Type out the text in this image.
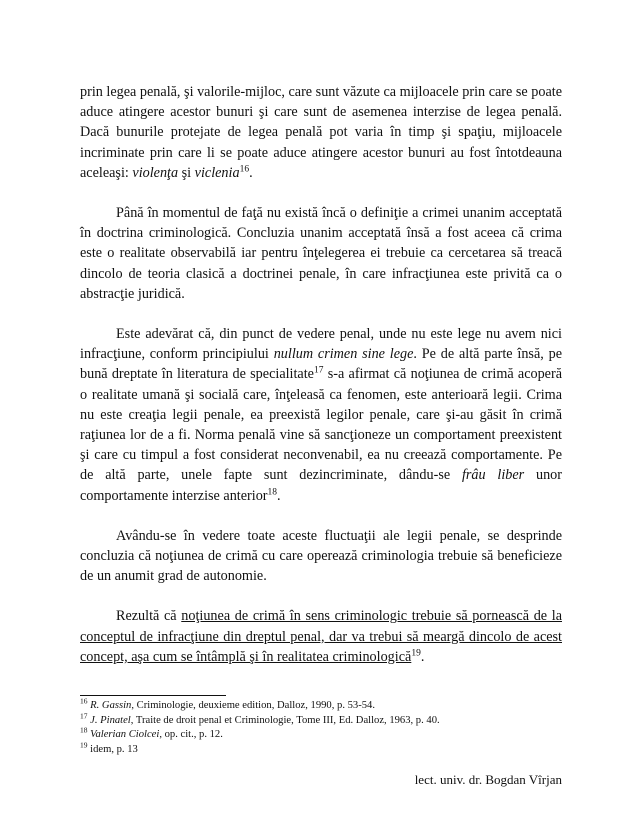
prin legea penală, şi valorile-mijloc, care sunt văzute ca mijloacele prin care se poate aduce atingere acestor bunuri şi care sunt de asemenea interzise de legea penală. Dacă bunurile protejate de legea penală pot varia în timp şi spaţiu, mijloacele incriminate prin care li se poate aduce atingere acestor bunuri au fost întotdeauna aceleaşi: violenţa şi viclenia$^{16}$.

Până în momentul de faţă nu există încă o definiţie a crimei unanim acceptată în doctrina criminologică. Concluzia unanim acceptată însă a fost aceea că crima este o realitate observabilă iar pentru înţelegerea ei trebuie ca cercetarea să treacă dincolo de teoria clasică a doctrinei penale, în care infracţiunea este privită ca o abstracţie juridică.

Este adevărat că, din punct de vedere penal, unde nu este lege nu avem nici infracţiune, conform principiului nullum crimen sine lege. Pe de altă parte însă, pe bună dreptate în literatura de specialitate$^{17}$ s-a afirmat că noţiunea de crimă acoperă o realitate umană şi socială care, înţeleasă ca fenomen, este anterioară legii. Crima nu este creaţia legii penale, ea preexistă legilor penale, care şi-au găsit în crimă raţiunea lor de a fi. Norma penală vine să sancţioneze un comportament preexistent şi care cu timpul a fost considerat neconvenabil, ea nu creează comportamente. Pe de altă parte, unele fapte sunt dezincriminate, dându-se frâu liber unor comportamente interzise anterior$^{18}$.

Avându-se în vedere toate aceste fluctuaţii ale legii penale, se desprinde concluzia că noţiunea de crimă cu care operează criminologia trebuie să beneficieze de un anumit grad de autonomie.

Rezultă că noţiunea de crimă în sens criminologic trebuie să pornească de la conceptul de infracţiune din dreptul penal, dar va trebui să meargă dincolo de acest concept, aşa cum se întâmplă şi în realitatea criminologică$^{19}$.

$^{16}$ R. Gassin, Criminologie, deuxieme edition, Dalloz, 1990, p. 53-54.
$^{17}$ J. Pinatel, Traite de droit penal et Criminologie, Tome III, Ed. Dalloz, 1963, p. 40.
$^{18}$ Valerian Ciolcei, op. cit., p. 12.
$^{19}$ idem, p. 13
lect. univ. dr. Bogdan Vîrjan
